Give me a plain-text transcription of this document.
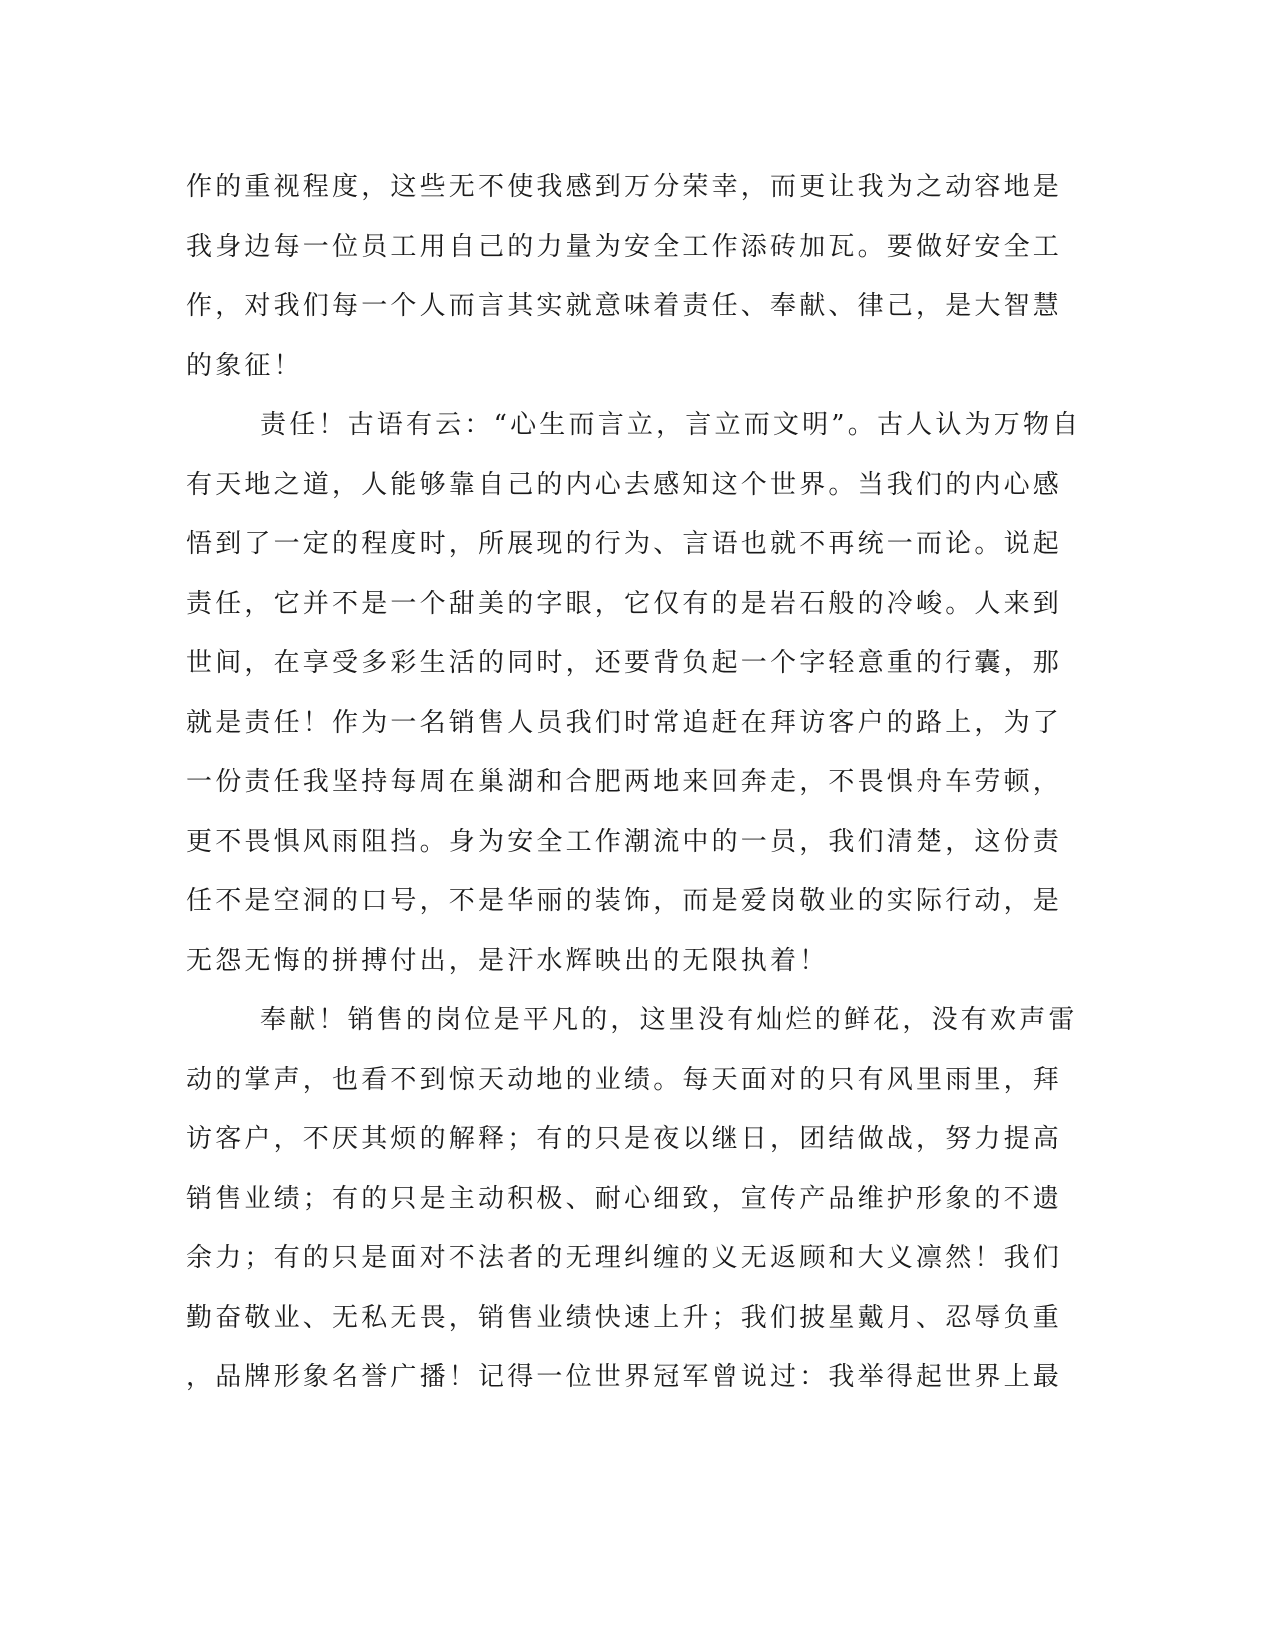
作的重视程度，这些无不使我感到万分荣幸，而更让我为之动容地是
我身边每一位员工用自己的力量为安全工作添砖加瓦。要做好安全工
作，对我们每一个人而言其实就意味着责任、奉献、律己，是大智慧
的象征！
责任！古语有云：“心生而言立，言立而文明”。古人认为万物自
有天地之道，人能够靠自己的内心去感知这个世界。当我们的内心感
悟到了一定的程度时，所展现的行为、言语也就不再统一而论。说起
责任，它并不是一个甜美的字眼，它仅有的是岩石般的冷峻。人来到
世间，在享受多彩生活的同时，还要背负起一个字轻意重的行囊，那
就是责任！作为一名销售人员我们时常追赶在拜访客户的路上，为了
一份责任我坚持每周在巢湖和合肥两地来回奔走，不畏惧舟车劳顿，
更不畏惧风雨阻挡。身为安全工作潮流中的一员，我们清楚，这份责
任不是空洞的口号，不是华丽的装饰，而是爱岗敬业的实际行动，是
无怨无悔的拼搏付出，是汗水辉映出的无限执着！
奉献！销售的岗位是平凡的，这里没有灿烂的鲜花，没有欢声雷
动的掌声，也看不到惊天动地的业绩。每天面对的只有风里雨里，拜
访客户，不厌其烦的解释；有的只是夜以继日，团结做战，努力提高
销售业绩；有的只是主动积极、耐心细致，宣传产品维护形象的不遗
余力；有的只是面对不法者的无理纠缠的义无返顾和大义凛然！我们
勤奋敬业、无私无畏，销售业绩快速上升；我们披星戴月、忍辱负重
，品牌形象名誉广播！记得一位世界冠军曾说过：我举得起世界上最
